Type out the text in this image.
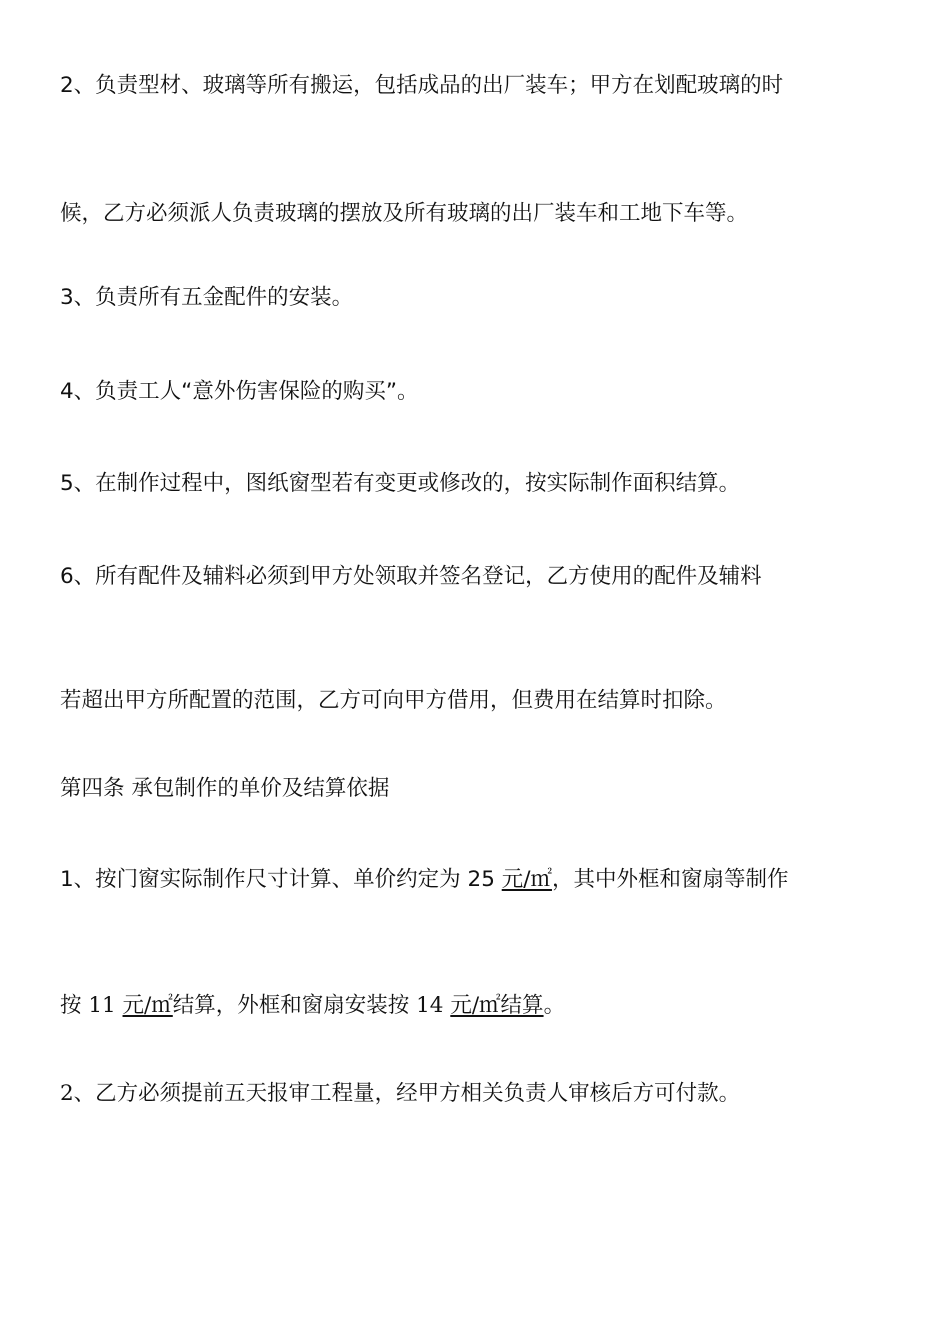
2、负责型材、玻璃等所有搬运，包括成品的出厂装车；甲方在划配玻璃的时
候，乙方必须派人负责玻璃的摆放及所有玻璃的出厂装车和工地下车等。
3、负责所有五金配件的安装。
4、负责工人“意外伤害保险的购买”。
5、在制作过程中，图纸窗型若有变更或修改的，按实际制作面积结算。
6、所有配件及辅料必须到甲方处领取并签名登记，乙方使用的配件及辅料
若超出甲方所配置的范围，乙方可向甲方借用，但费用在结算时扣除。
第四条 承包制作的单价及结算依据
1、按门窗实际制作尺寸计算、单价约定为 25 元/㎡，其中外框和窗扇等制作
按 11 元/㎡结算，外框和窗扇安装按 14 元/㎡结算。
2、乙方必须提前五天报审工程量，经甲方相关负责人审核后方可付款。
